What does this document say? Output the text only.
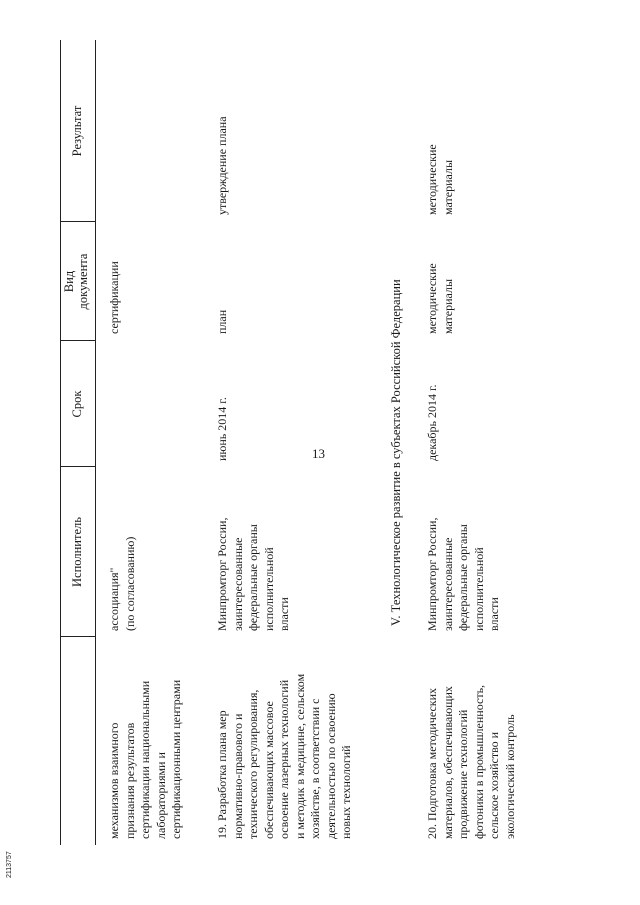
13
2113757
Исполнитель
Срок
Вид
документа
Результат
механизмов взаимного
признания результатов
сертификации национальными
лабораториями и
сертификационными центрами
ассоциация"
(по согласованию)
сертификации
19. Разработка плана мер
нормативно-правового и
технического регулирования,
обеспечивающих массовое
освоение лазерных технологий
и методик в медицине, сельском
хозяйстве, в соответствии с
деятельностью по освоению
новых технологий
Минпромторг России,
заинтересованные
федеральные органы
исполнительной
власти
июнь 2014 г.
план
утверждение плана
V. Технологическое развитие в субъектах Российской Федерации
20. Подготовка методических
материалов, обеспечивающих
продвижение технологий
фотоники в промышленность,
сельское хозяйство и
экологический контроль
Минпромторг России,
заинтересованные
федеральные органы
исполнительной
власти
декабрь 2014 г.
методические
материалы
методические
материалы
